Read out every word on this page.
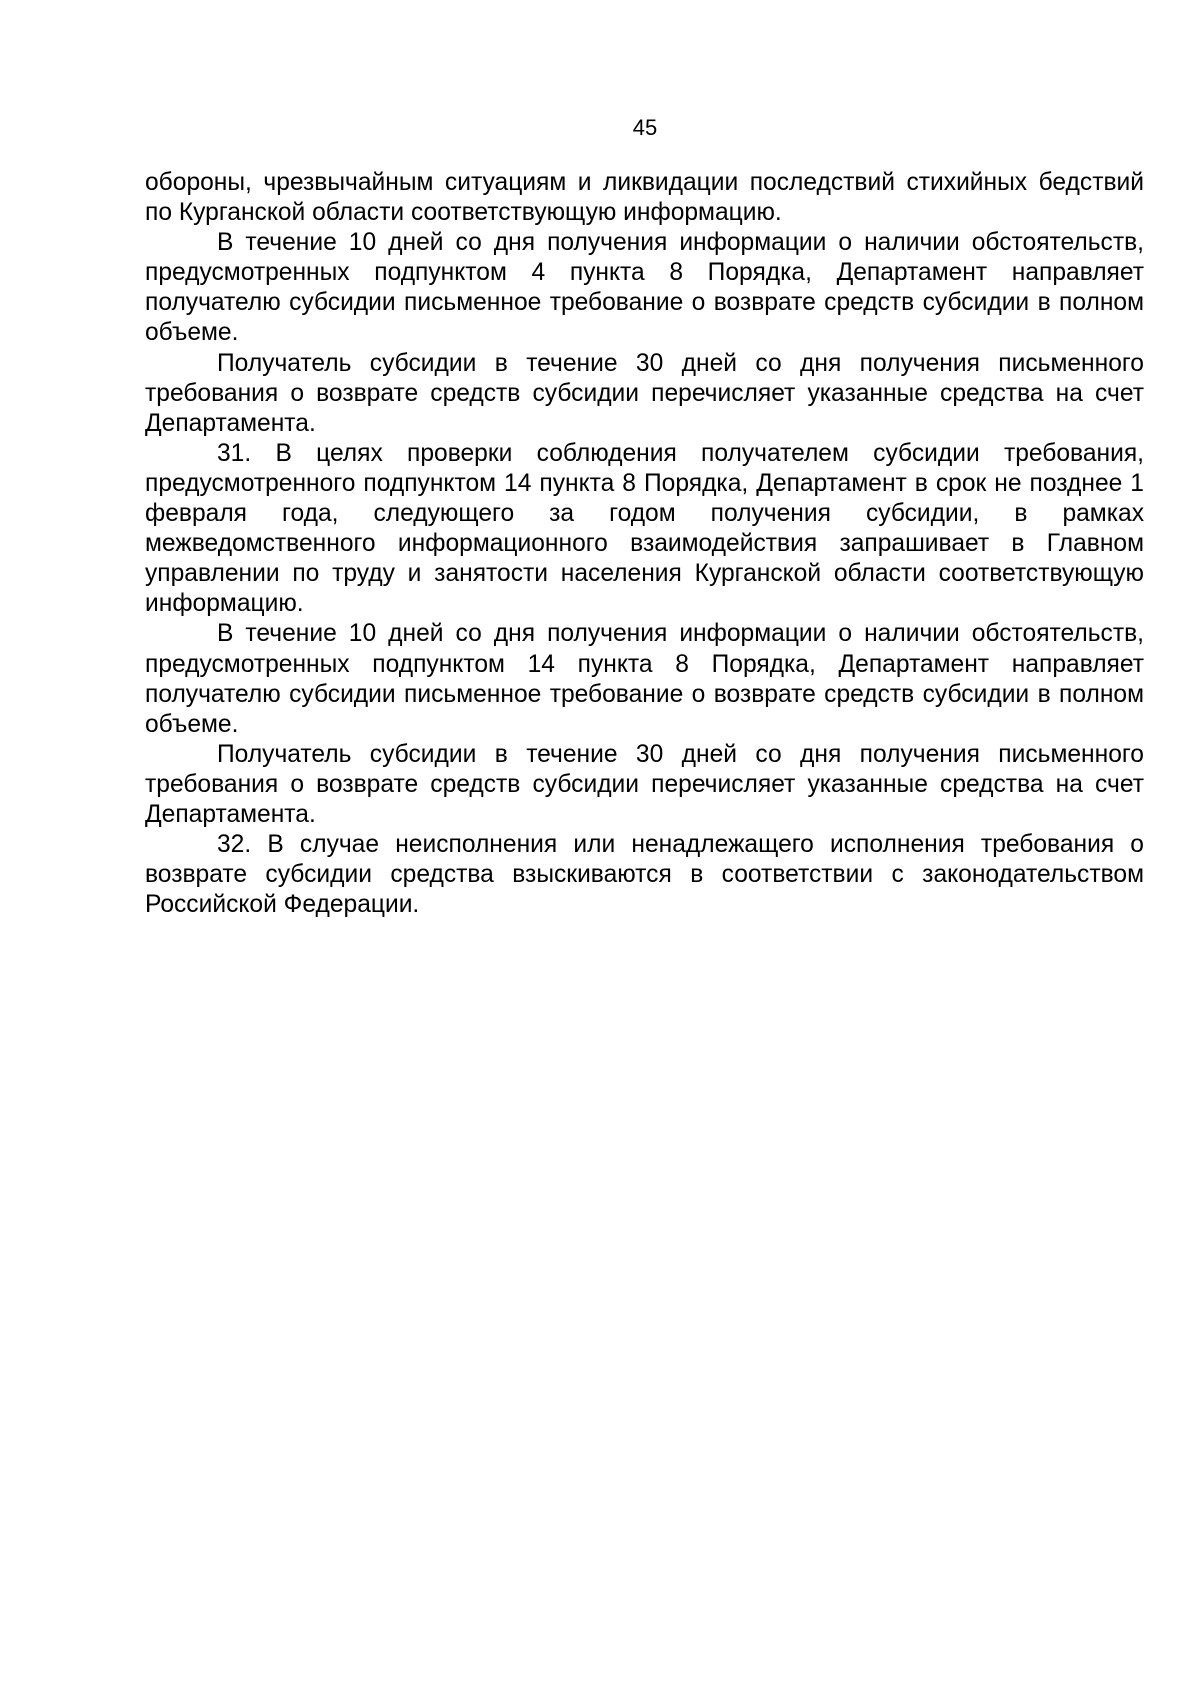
45

обороны, чрезвычайным ситуациям и ликвидации последствий стихийных бедствий по Курганской области соответствующую информацию.

В течение 10 дней со дня получения информации о наличии обстоятельств, предусмотренных подпунктом 4 пункта 8 Порядка, Департамент направляет получателю субсидии письменное требование о возврате средств субсидии в полном объеме.

Получатель субсидии в течение 30 дней со дня получения письменного требования о возврате средств субсидии перечисляет указанные средства на счет Департамента.

31. В целях проверки соблюдения получателем субсидии требования, предусмотренного подпунктом 14 пункта 8 Порядка, Департамент в срок не позднее 1 февраля года, следующего за годом получения субсидии, в рамках межведомственного информационного взаимодействия запрашивает в Главном управлении по труду и занятости населения Курганской области соответствующую информацию.

В течение 10 дней со дня получения информации о наличии обстоятельств, предусмотренных подпунктом 14 пункта 8 Порядка, Департамент направляет получателю субсидии письменное требование о возврате средств субсидии в полном объеме.

Получатель субсидии в течение 30 дней со дня получения письменного требования о возврате средств субсидии перечисляет указанные средства на счет Департамента.

32. В случае неисполнения или ненадлежащего исполнения требования о возврате субсидии средства взыскиваются в соответствии с законодательством Российской Федерации.
